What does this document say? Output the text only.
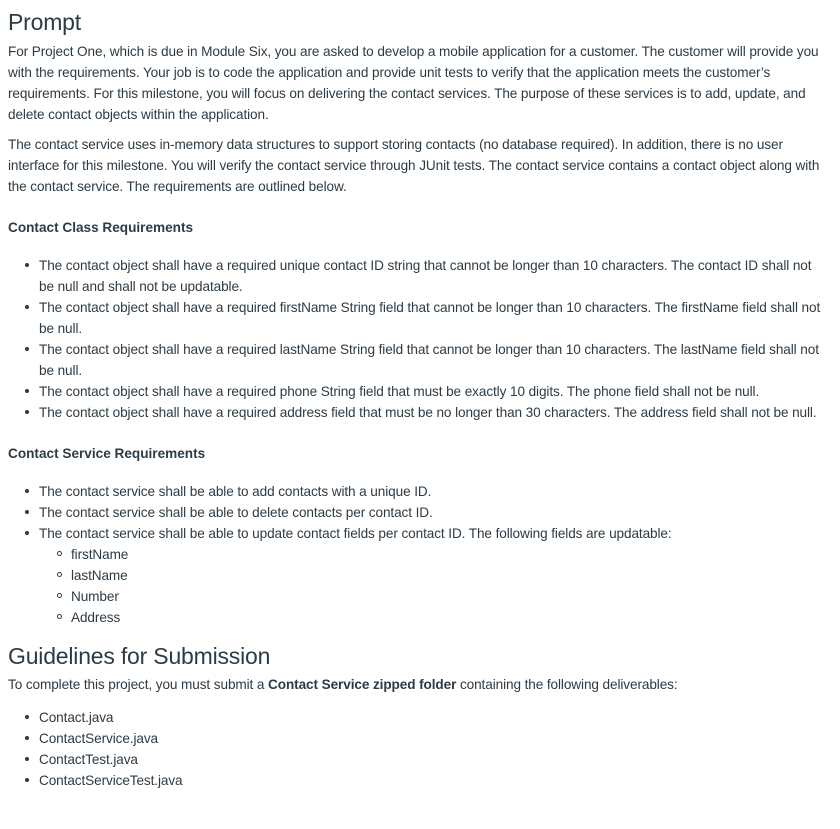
Prompt

For Project One, which is due in Module Six, you are asked to develop a mobile application for a customer. The customer will provide you with the requirements. Your job is to code the application and provide unit tests to verify that the application meets the customer’s requirements. For this milestone, you will focus on delivering the contact services. The purpose of these services is to add, update, and delete contact objects within the application.

The contact service uses in-memory data structures to support storing contacts (no database required). In addition, there is no user interface for this milestone. You will verify the contact service through JUnit tests. The contact service contains a contact object along with the contact service. The requirements are outlined below.

Contact Class Requirements
The contact object shall have a required unique contact ID string that cannot be longer than 10 characters. The contact ID shall not be null and shall not be updatable.
The contact object shall have a required firstName String field that cannot be longer than 10 characters. The firstName field shall not be null.
The contact object shall have a required lastName String field that cannot be longer than 10 characters. The lastName field shall not be null.
The contact object shall have a required phone String field that must be exactly 10 digits. The phone field shall not be null.
The contact object shall have a required address field that must be no longer than 30 characters. The address field shall not be null.
Contact Service Requirements
The contact service shall be able to add contacts with a unique ID.
The contact service shall be able to delete contacts per contact ID.
The contact service shall be able to update contact fields per contact ID. The following fields are updatable:
firstName
lastName
Number
Address
Guidelines for Submission

To complete this project, you must submit a Contact Service zipped folder containing the following deliverables:

Contact.java
ContactService.java
ContactTest.java
ContactServiceTest.java
